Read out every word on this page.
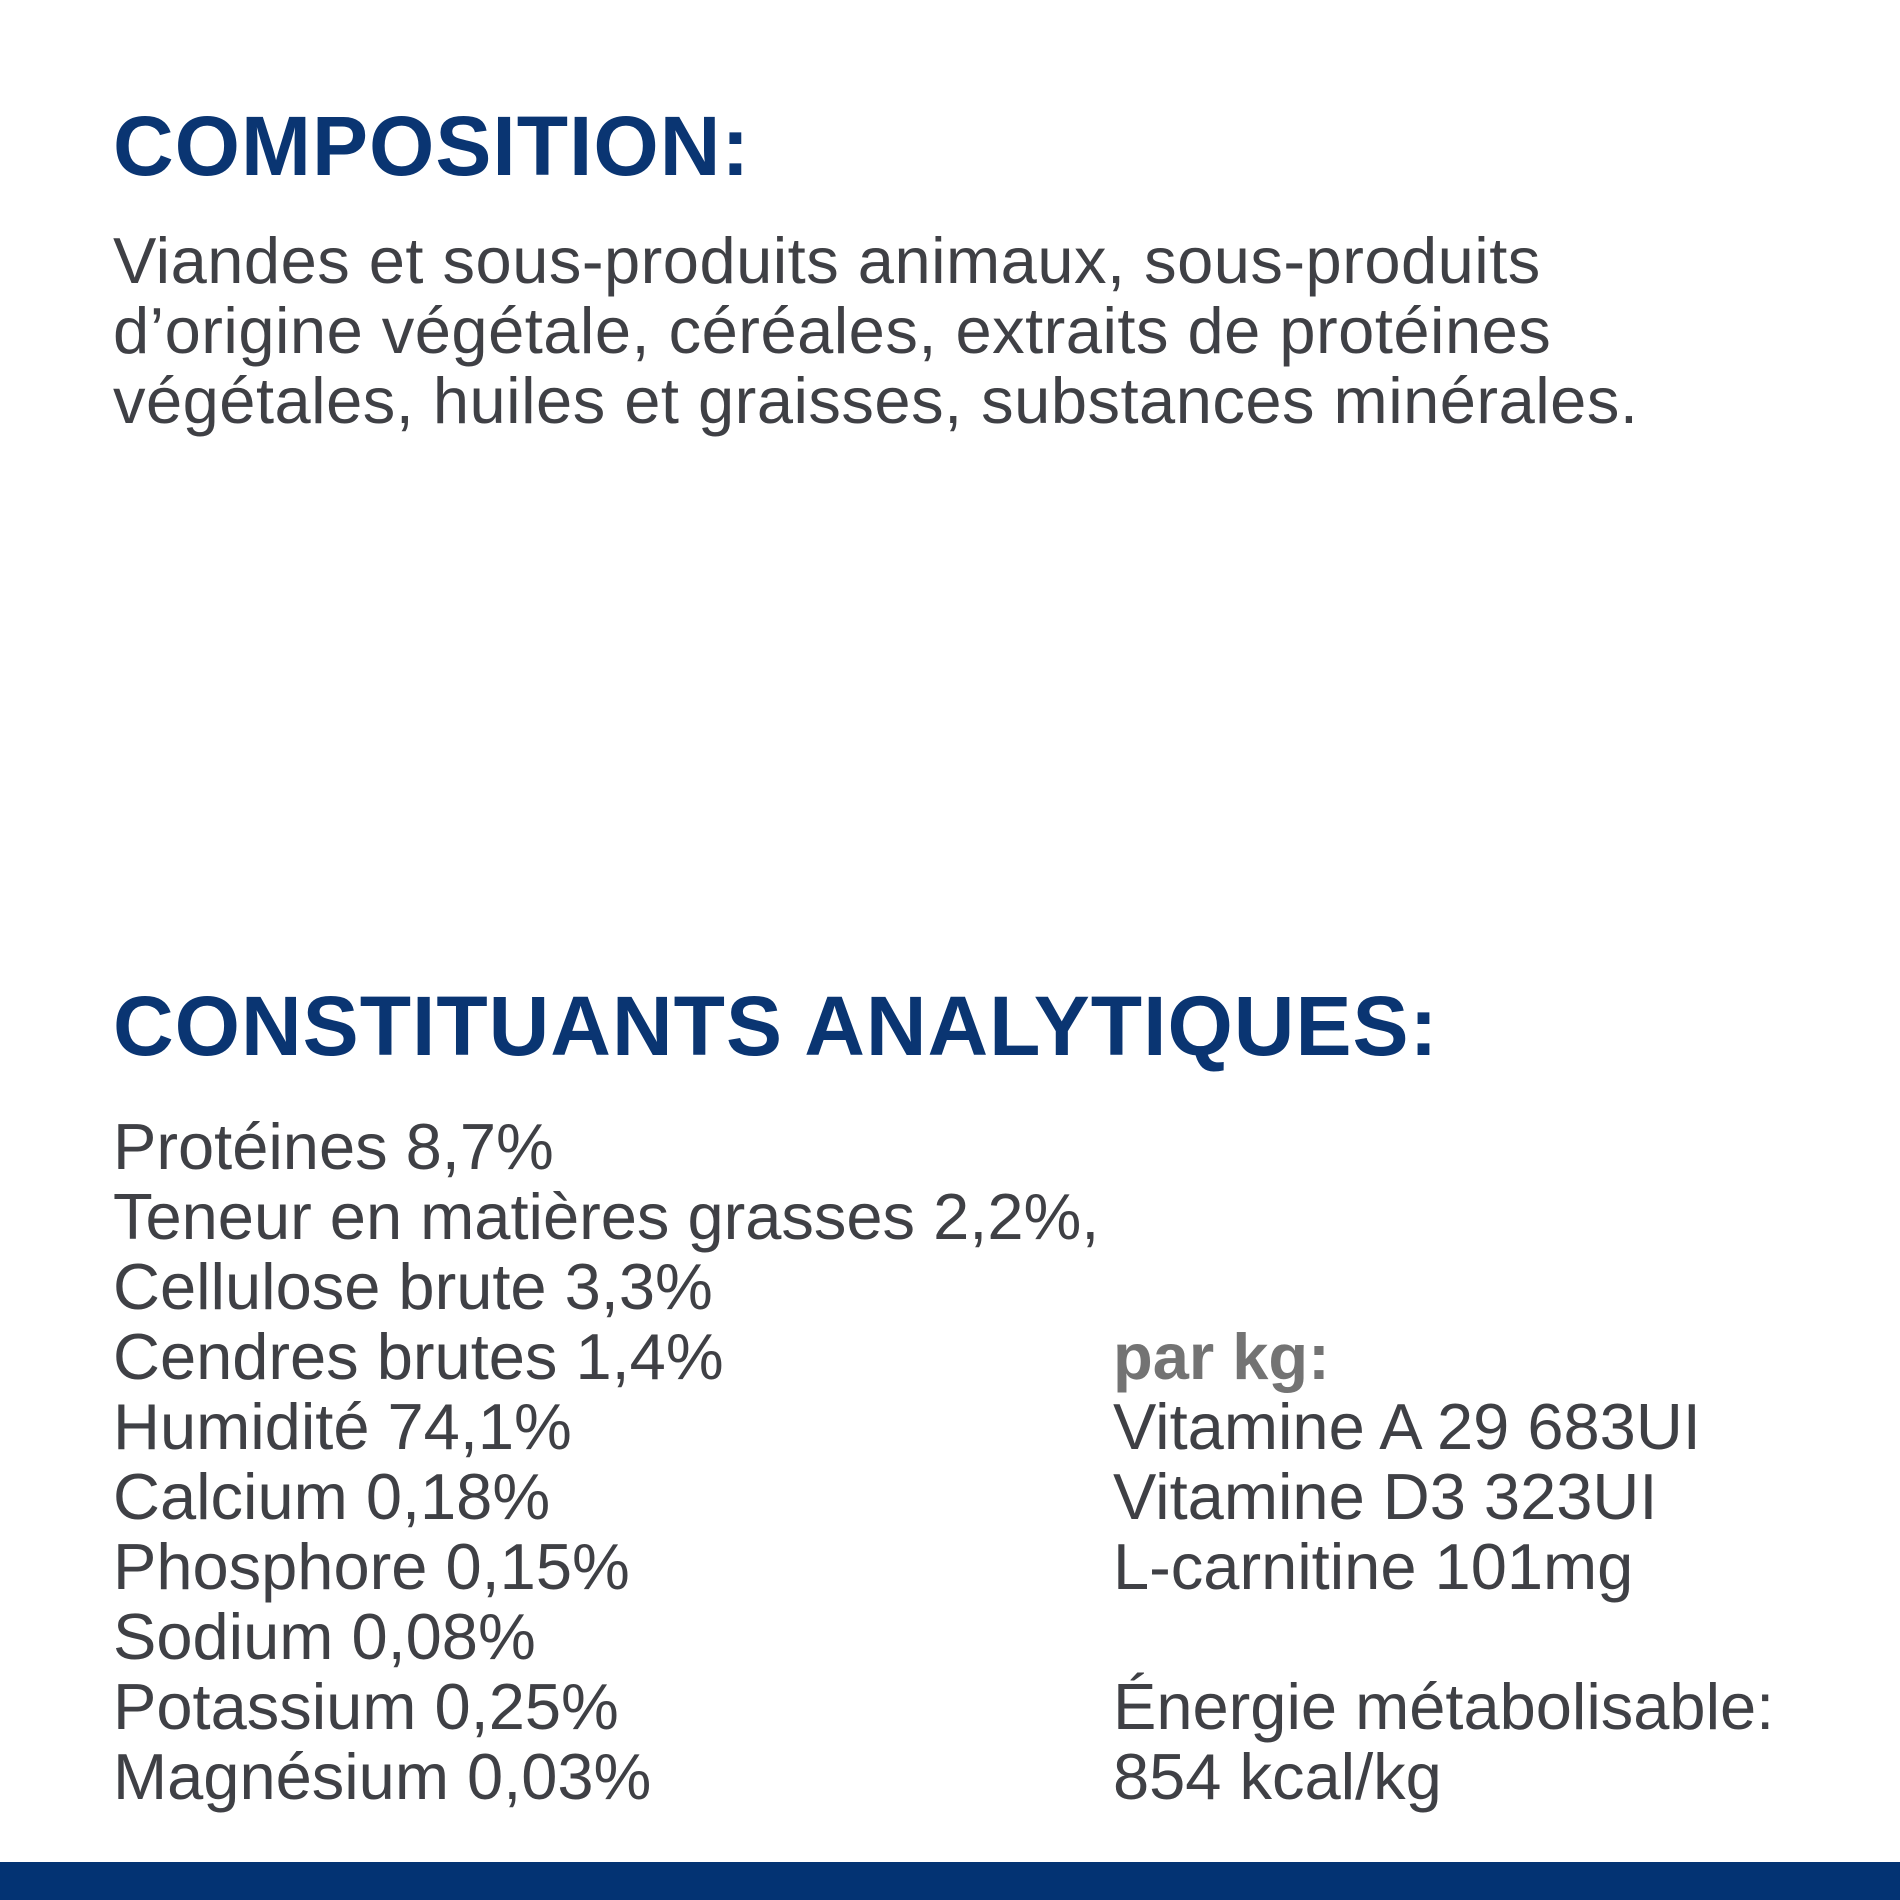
COMPOSITION:

Viandes et sous-produits animaux, sous-produits
d’origine végétale, céréales, extraits de protéines
végétales, huiles et graisses, substances minérales.

CONSTITUANTS ANALYTIQUES:
Protéines 8,7%
Teneur en matières grasses 2,2%,
Cellulose brute 3,3%
Cendres brutes 1,4%
Humidité 74,1%
Calcium 0,18%
Phosphore 0,15%
Sodium 0,08%
Potassium 0,25%
Magnésium 0,03%
par kg:
Vitamine A 29 683UI
Vitamine D3 323UI
L-carnitine 101mg
Énergie métabolisable:
854 kcal/kg
